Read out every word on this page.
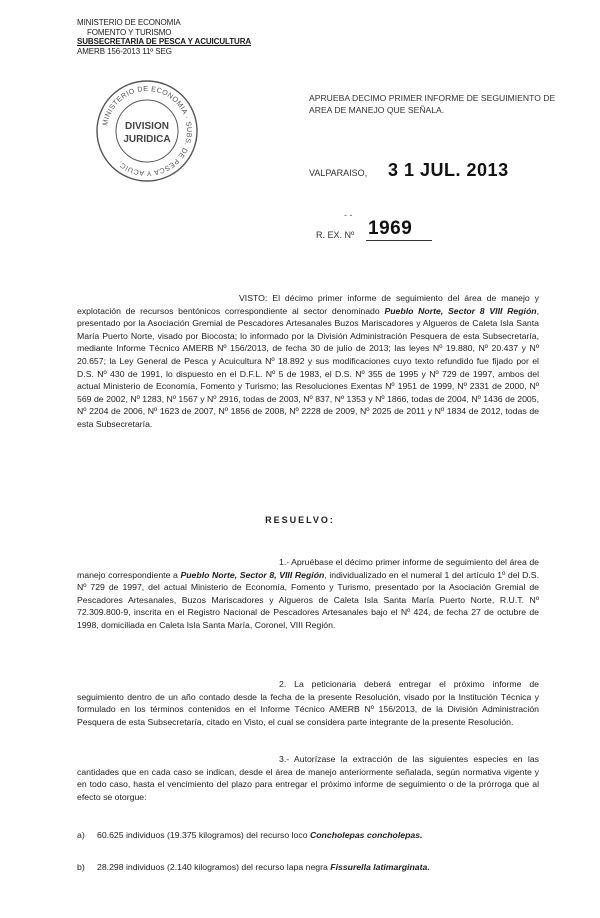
MINISTERIO DE ECONOMIA
FOMENTO Y TURISMO
SUBSECRETARIA DE PESCA Y ACUICULTURA
AMERB 156-2013 11º SEG
MINISTERIO DE ECONOMIA · SUBS. DE PESCA Y ACUIC.
DIVISION
JURIDICA
APRUEBA DECIMO PRIMER INFORME DE SEGUIMIENTO DE AREA DE MANEJO QUE SEÑALA.
VALPARAISO, 3 1 JUL. 2013
- -
R. EX. Nº 1969

VISTO: El décimo primer informe de seguimiento del área de manejo y explotación de recursos bentónicos correspondiente al sector denominado Pueblo Norte, Sector 8 VIII Región, presentado por la Asociación Gremial de Pescadores Artesanales Buzos Mariscadores y Algueros de Caleta Isla Santa María Puerto Norte, visado por Biocosta; lo informado por la División Administración Pesquera de esta Subsecretaría, mediante Informe Técnico AMERB Nº 156/2013, de fecha 30 de julio de 2013; las leyes Nº 19.880, Nº 20.437 y Nº 20.657; la Ley General de Pesca y Acuicultura Nº 18.892 y sus modificaciones cuyo texto refundido fue fijado por el D.S. Nº 430 de 1991, lo dispuesto en el D.F.L. Nº 5 de 1983, el D.S. Nº 355 de 1995 y Nº 729 de 1997, ambos del actual Ministerio de Economía, Fomento y Turismo; las Resoluciones Exentas Nº 1951 de 1999, Nº 2331 de 2000, Nº 569 de 2002, Nº 1283, Nº 1567 y Nº 2916, todas de 2003, Nº 837, Nº 1353 y Nº 1866, todas de 2004, Nº 1436 de 2005, Nº 2204 de 2006, Nº 1623 de 2007, Nº 1856 de 2008, Nº 2228 de 2009, Nº 2025 de 2011 y Nº 1834 de 2012, todas de esta Subsecretaría.

RESUELVO:

1.- Apruébase el décimo primer informe de seguimiento del área de manejo correspondiente a Pueblo Norte, Sector 8, VIII Región, individualizado en el numeral 1 del artículo 1º del D.S. Nº 729 de 1997, del actual Ministerio de Economía, Fomento y Turismo, presentado por la Asociación Gremial de Pescadores Artesanales, Buzos Mariscadores y Algueros de Caleta Isla Santa María Puerto Norte, R.U.T. Nº 72.309.800-9, inscrita en el Registro Nacional de Pescadores Artesanales bajo el Nº 424, de fecha 27 de octubre de 1998, domiciliada en Caleta Isla Santa María, Coronel, VIII Región.

2. La peticionaria deberá entregar el próximo informe de seguimiento dentro de un año contado desde la fecha de la presente Resolución, visado por la Institución Técnica y formulado en los términos contenidos en el Informe Técnico AMERB Nº 156/2013, de la División Administración Pesquera de esta Subsecretaría, citado en Visto, el cual se considera parte integrante de la presente Resolución.

3.- Autorízase la extracción de las siguientes especies en las cantidades que en cada caso se indican, desde el área de manejo anteriormente señalada, según normativa vigente y en todo caso, hasta el vencimiento del plazo para entregar el próximo informe de seguimiento o de la prórroga que al efecto se otorgue:

a) 60.625 individuos (19.375 kilogramos) del recurso loco Concholepas concholepas.
b) 28.298 individuos (2.140 kilogramos) del recurso lapa negra Fissurella latimarginata.
